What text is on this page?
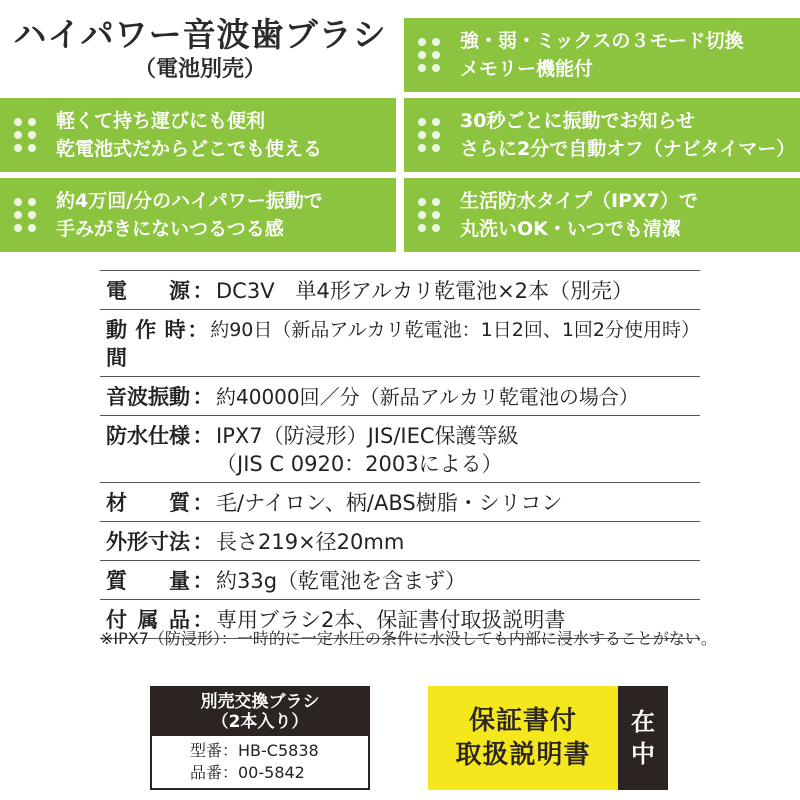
ハイパワー音波歯ブラシ
（電池別売）
強・弱・ミックスの３モード切換
メモリー機能付
軽くて持ち運びにも便利
乾電池式だからどこでも使える
30秒ごとに振動でお知らせ
さらに2分で自動オフ（ナビタイマー）
約4万回/分のハイパワー振動で
手みがきにないつるつる感
生活防水タイプ（IPX7）で
丸洗いOK・いつでも清潔
電源 ： DC3V　単4形アルカリ乾電池×2本（別売）
動作時間
： 約90日（新品アルカリ乾電池：1日2回、1回2分使用時）
音波振動 ： 約40000回／分（新品アルカリ乾電池の場合）
防水仕様 ： IPX7（防浸形）JIS/IEC保護等級
（JIS C 0920：2003による）
材質 ： 毛/ナイロン、柄/ABS樹脂・シリコン
外形寸法 ： 長さ219×径20mm
質量 ： 約33g（乾電池を含まず）
付属品 ： 専用ブラシ2本、保証書付取扱説明書
※IPX7（防浸形）：一時的に一定水圧の条件に水没しても内部に浸水することがない。
別売交換ブラシ
（2本入り）
型番：HB-C5838
品番：00-5842
保証書付
取扱説明書
在
中
